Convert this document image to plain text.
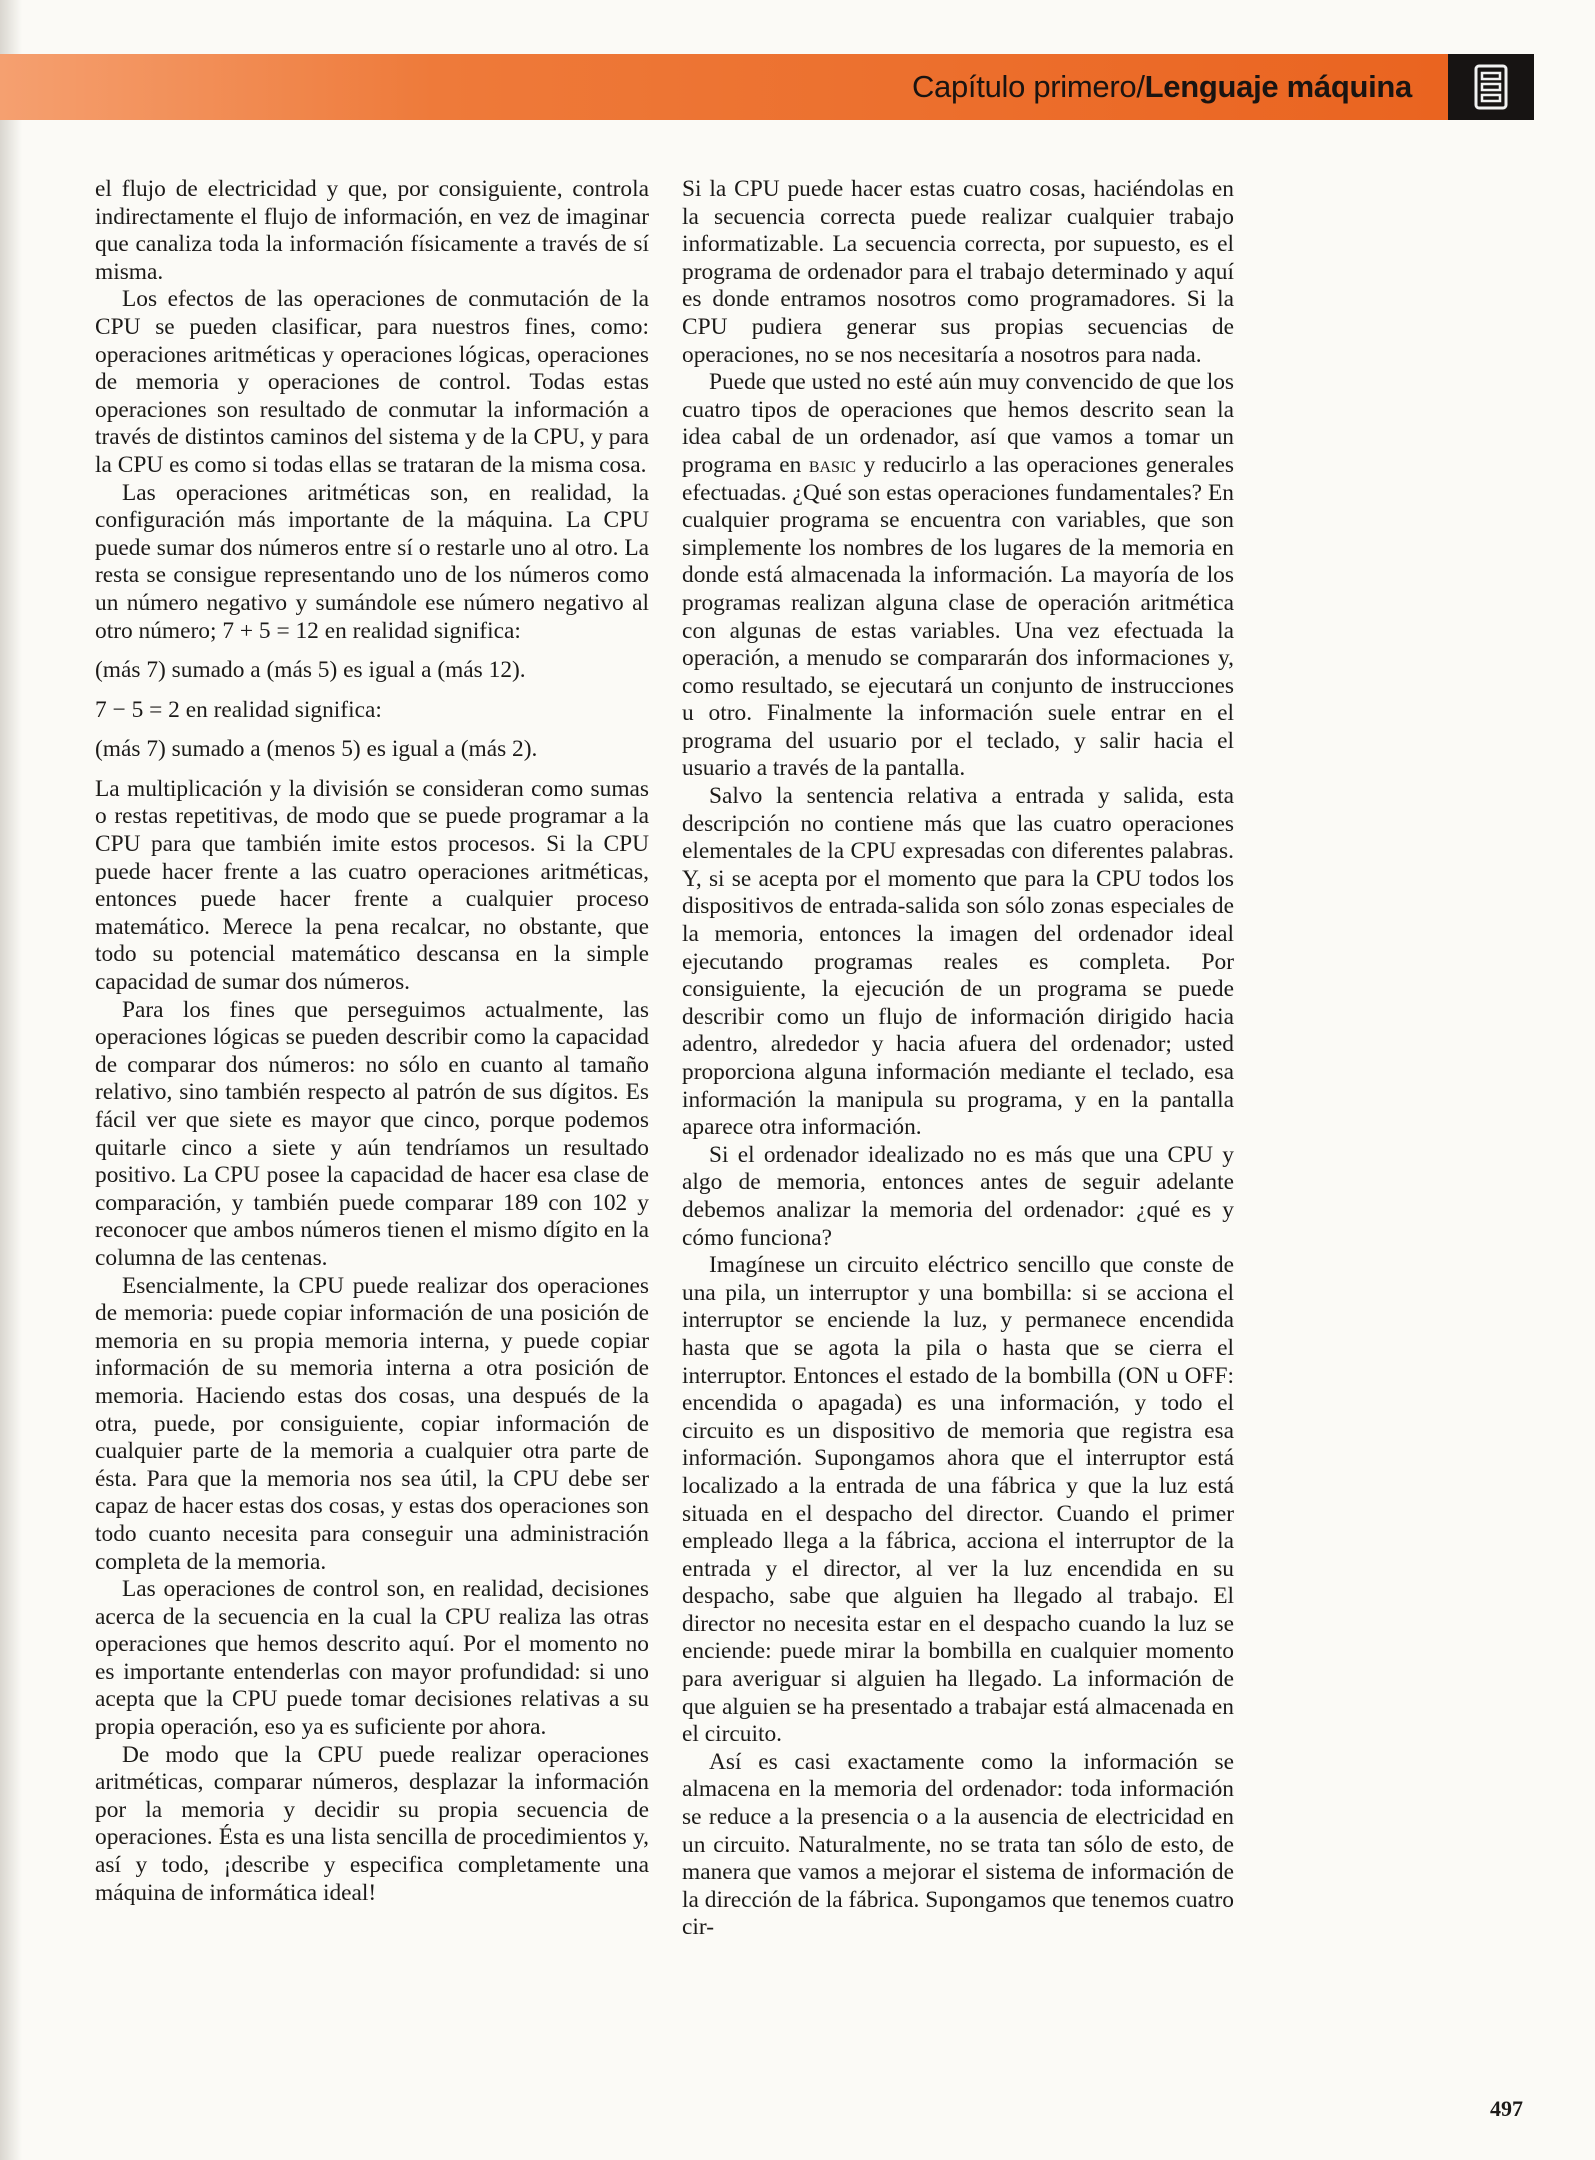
Capítulo primero/Lenguaje máquina

el flujo de electricidad y que, por consiguiente, controla indirectamente el flujo de información, en vez de imaginar que canaliza toda la información físicamente a través de sí misma.

Los efectos de las operaciones de conmutación de la CPU se pueden clasificar, para nuestros fines, como: operaciones aritméticas y operaciones lógicas, operaciones de memoria y operaciones de control. Todas estas operaciones son resultado de conmutar la información a través de distintos caminos del sistema y de la CPU, y para la CPU es como si todas ellas se trataran de la misma cosa.

Las operaciones aritméticas son, en realidad, la configuración más importante de la máquina. La CPU puede sumar dos números entre sí o restarle uno al otro. La resta se consigue representando uno de los números como un número negativo y sumándole ese número negativo al otro número; 7 + 5 = 12 en realidad significa:

(más 7) sumado a (más 5) es igual a (más 12).

7 − 5 = 2 en realidad significa:

(más 7) sumado a (menos 5) es igual a (más 2).

La multiplicación y la división se consideran como sumas o restas repetitivas, de modo que se puede programar a la CPU para que también imite estos procesos. Si la CPU puede hacer frente a las cuatro operaciones aritméticas, entonces puede hacer frente a cualquier proceso matemático. Merece la pena recalcar, no obstante, que todo su potencial matemático descansa en la simple capacidad de sumar dos números.

Para los fines que perseguimos actualmente, las operaciones lógicas se pueden describir como la capacidad de comparar dos números: no sólo en cuanto al tamaño relativo, sino también respecto al patrón de sus dígitos. Es fácil ver que siete es mayor que cinco, porque podemos quitarle cinco a siete y aún tendríamos un resultado positivo. La CPU posee la capacidad de hacer esa clase de comparación, y también puede comparar 189 con 102 y reconocer que ambos números tienen el mismo dígito en la columna de las centenas.

Esencialmente, la CPU puede realizar dos operaciones de memoria: puede copiar información de una posición de memoria en su propia memoria interna, y puede copiar información de su memoria interna a otra posición de memoria. Haciendo estas dos cosas, una después de la otra, puede, por consiguiente, copiar información de cualquier parte de la memoria a cualquier otra parte de ésta. Para que la memoria nos sea útil, la CPU debe ser capaz de hacer estas dos cosas, y estas dos operaciones son todo cuanto necesita para conseguir una administración completa de la memoria.

Las operaciones de control son, en realidad, decisiones acerca de la secuencia en la cual la CPU realiza las otras operaciones que hemos descrito aquí. Por el momento no es importante entenderlas con mayor profundidad: si uno acepta que la CPU puede tomar decisiones relativas a su propia operación, eso ya es suficiente por ahora.

De modo que la CPU puede realizar operaciones aritméticas, comparar números, desplazar la información por la memoria y decidir su propia secuencia de operaciones. Ésta es una lista sencilla de procedimientos y, así y todo, ¡describe y especifica completamente una máquina de informática ideal!

Si la CPU puede hacer estas cuatro cosas, haciéndolas en la secuencia correcta puede realizar cualquier trabajo informatizable. La secuencia correcta, por supuesto, es el programa de ordenador para el trabajo determinado y aquí es donde entramos nosotros como programadores. Si la CPU pudiera generar sus propias secuencias de operaciones, no se nos necesitaría a nosotros para nada.

Puede que usted no esté aún muy convencido de que los cuatro tipos de operaciones que hemos descrito sean la idea cabal de un ordenador, así que vamos a tomar un programa en basic y reducirlo a las operaciones generales efectuadas. ¿Qué son estas operaciones fundamentales? En cualquier programa se encuentra con variables, que son simplemente los nombres de los lugares de la memoria en donde está almacenada la información. La mayoría de los programas realizan alguna clase de operación aritmética con algunas de estas variables. Una vez efectuada la operación, a menudo se compararán dos informaciones y, como resultado, se ejecutará un conjunto de instrucciones u otro. Finalmente la información suele entrar en el programa del usuario por el teclado, y salir hacia el usuario a través de la pantalla.

Salvo la sentencia relativa a entrada y salida, esta descripción no contiene más que las cuatro operaciones elementales de la CPU expresadas con diferentes palabras. Y, si se acepta por el momento que para la CPU todos los dispositivos de entrada-salida son sólo zonas especiales de la memoria, entonces la imagen del ordenador ideal ejecutando programas reales es completa. Por consiguiente, la ejecución de un programa se puede describir como un flujo de información dirigido hacia adentro, alrededor y hacia afuera del ordenador; usted proporciona alguna información mediante el teclado, esa información la manipula su programa, y en la pantalla aparece otra información.

Si el ordenador idealizado no es más que una CPU y algo de memoria, entonces antes de seguir adelante debemos analizar la memoria del ordenador: ¿qué es y cómo funciona?

Imagínese un circuito eléctrico sencillo que conste de una pila, un interruptor y una bombilla: si se acciona el interruptor se enciende la luz, y permanece encendida hasta que se agota la pila o hasta que se cierra el interruptor. Entonces el estado de la bombilla (ON u OFF: encendida o apagada) es una información, y todo el circuito es un dispositivo de memoria que registra esa información. Supongamos ahora que el interruptor está localizado a la entrada de una fábrica y que la luz está situada en el despacho del director. Cuando el primer empleado llega a la fábrica, acciona el interruptor de la entrada y el director, al ver la luz encendida en su despacho, sabe que alguien ha llegado al trabajo. El director no necesita estar en el despacho cuando la luz se enciende: puede mirar la bombilla en cualquier momento para averiguar si alguien ha llegado. La información de que alguien se ha presentado a trabajar está almacenada en el circuito.

Así es casi exactamente como la información se almacena en la memoria del ordenador: toda información se reduce a la presencia o a la ausencia de electricidad en un circuito. Naturalmente, no se trata tan sólo de esto, de manera que vamos a mejorar el sistema de información de la dirección de la fábrica. Supongamos que tenemos cuatro cir-

497
